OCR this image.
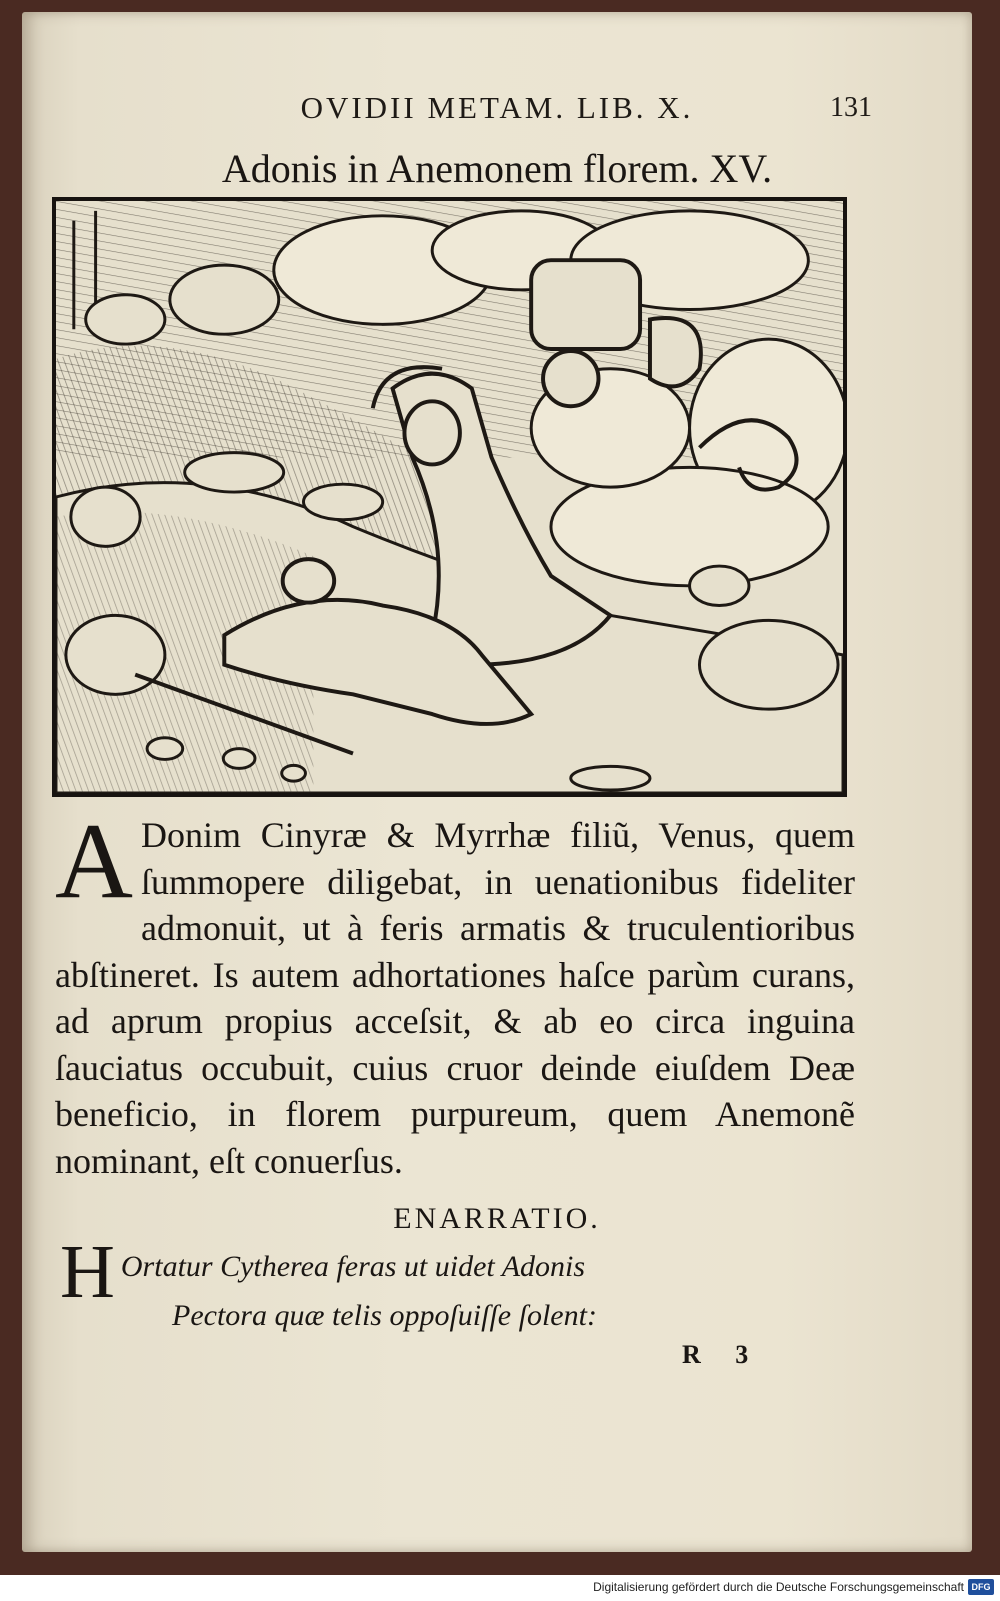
OVIDII METAM. LIB. X.	131
Adonis in Anemonem florem. XV.
A Donim Cinyræ & Myrrhæ filiũ, Venus, quem ſummopere diligebat, in uenationibus fideliter admonuit, ut à feris armatis & truculentioribus abſtineret. Is autem adhortationes haſce parùm curans, ad aprum propius acceſsit, & ab eo circa inguina ſauciatus occubuit, cuius cruor deinde eiuſdem Deæ beneficio, in florem purpureum, quem Anemonẽ nominant, eſt conuerſus.
ENARRATIO.
H Ortatur Cytherea feras ut uidet Adonis
Pectora quæ telis oppoſuiſſe ſolent:
R 3
Digitalisierung gefördert durch die Deutsche Forschungsgemeinschaft DFG
